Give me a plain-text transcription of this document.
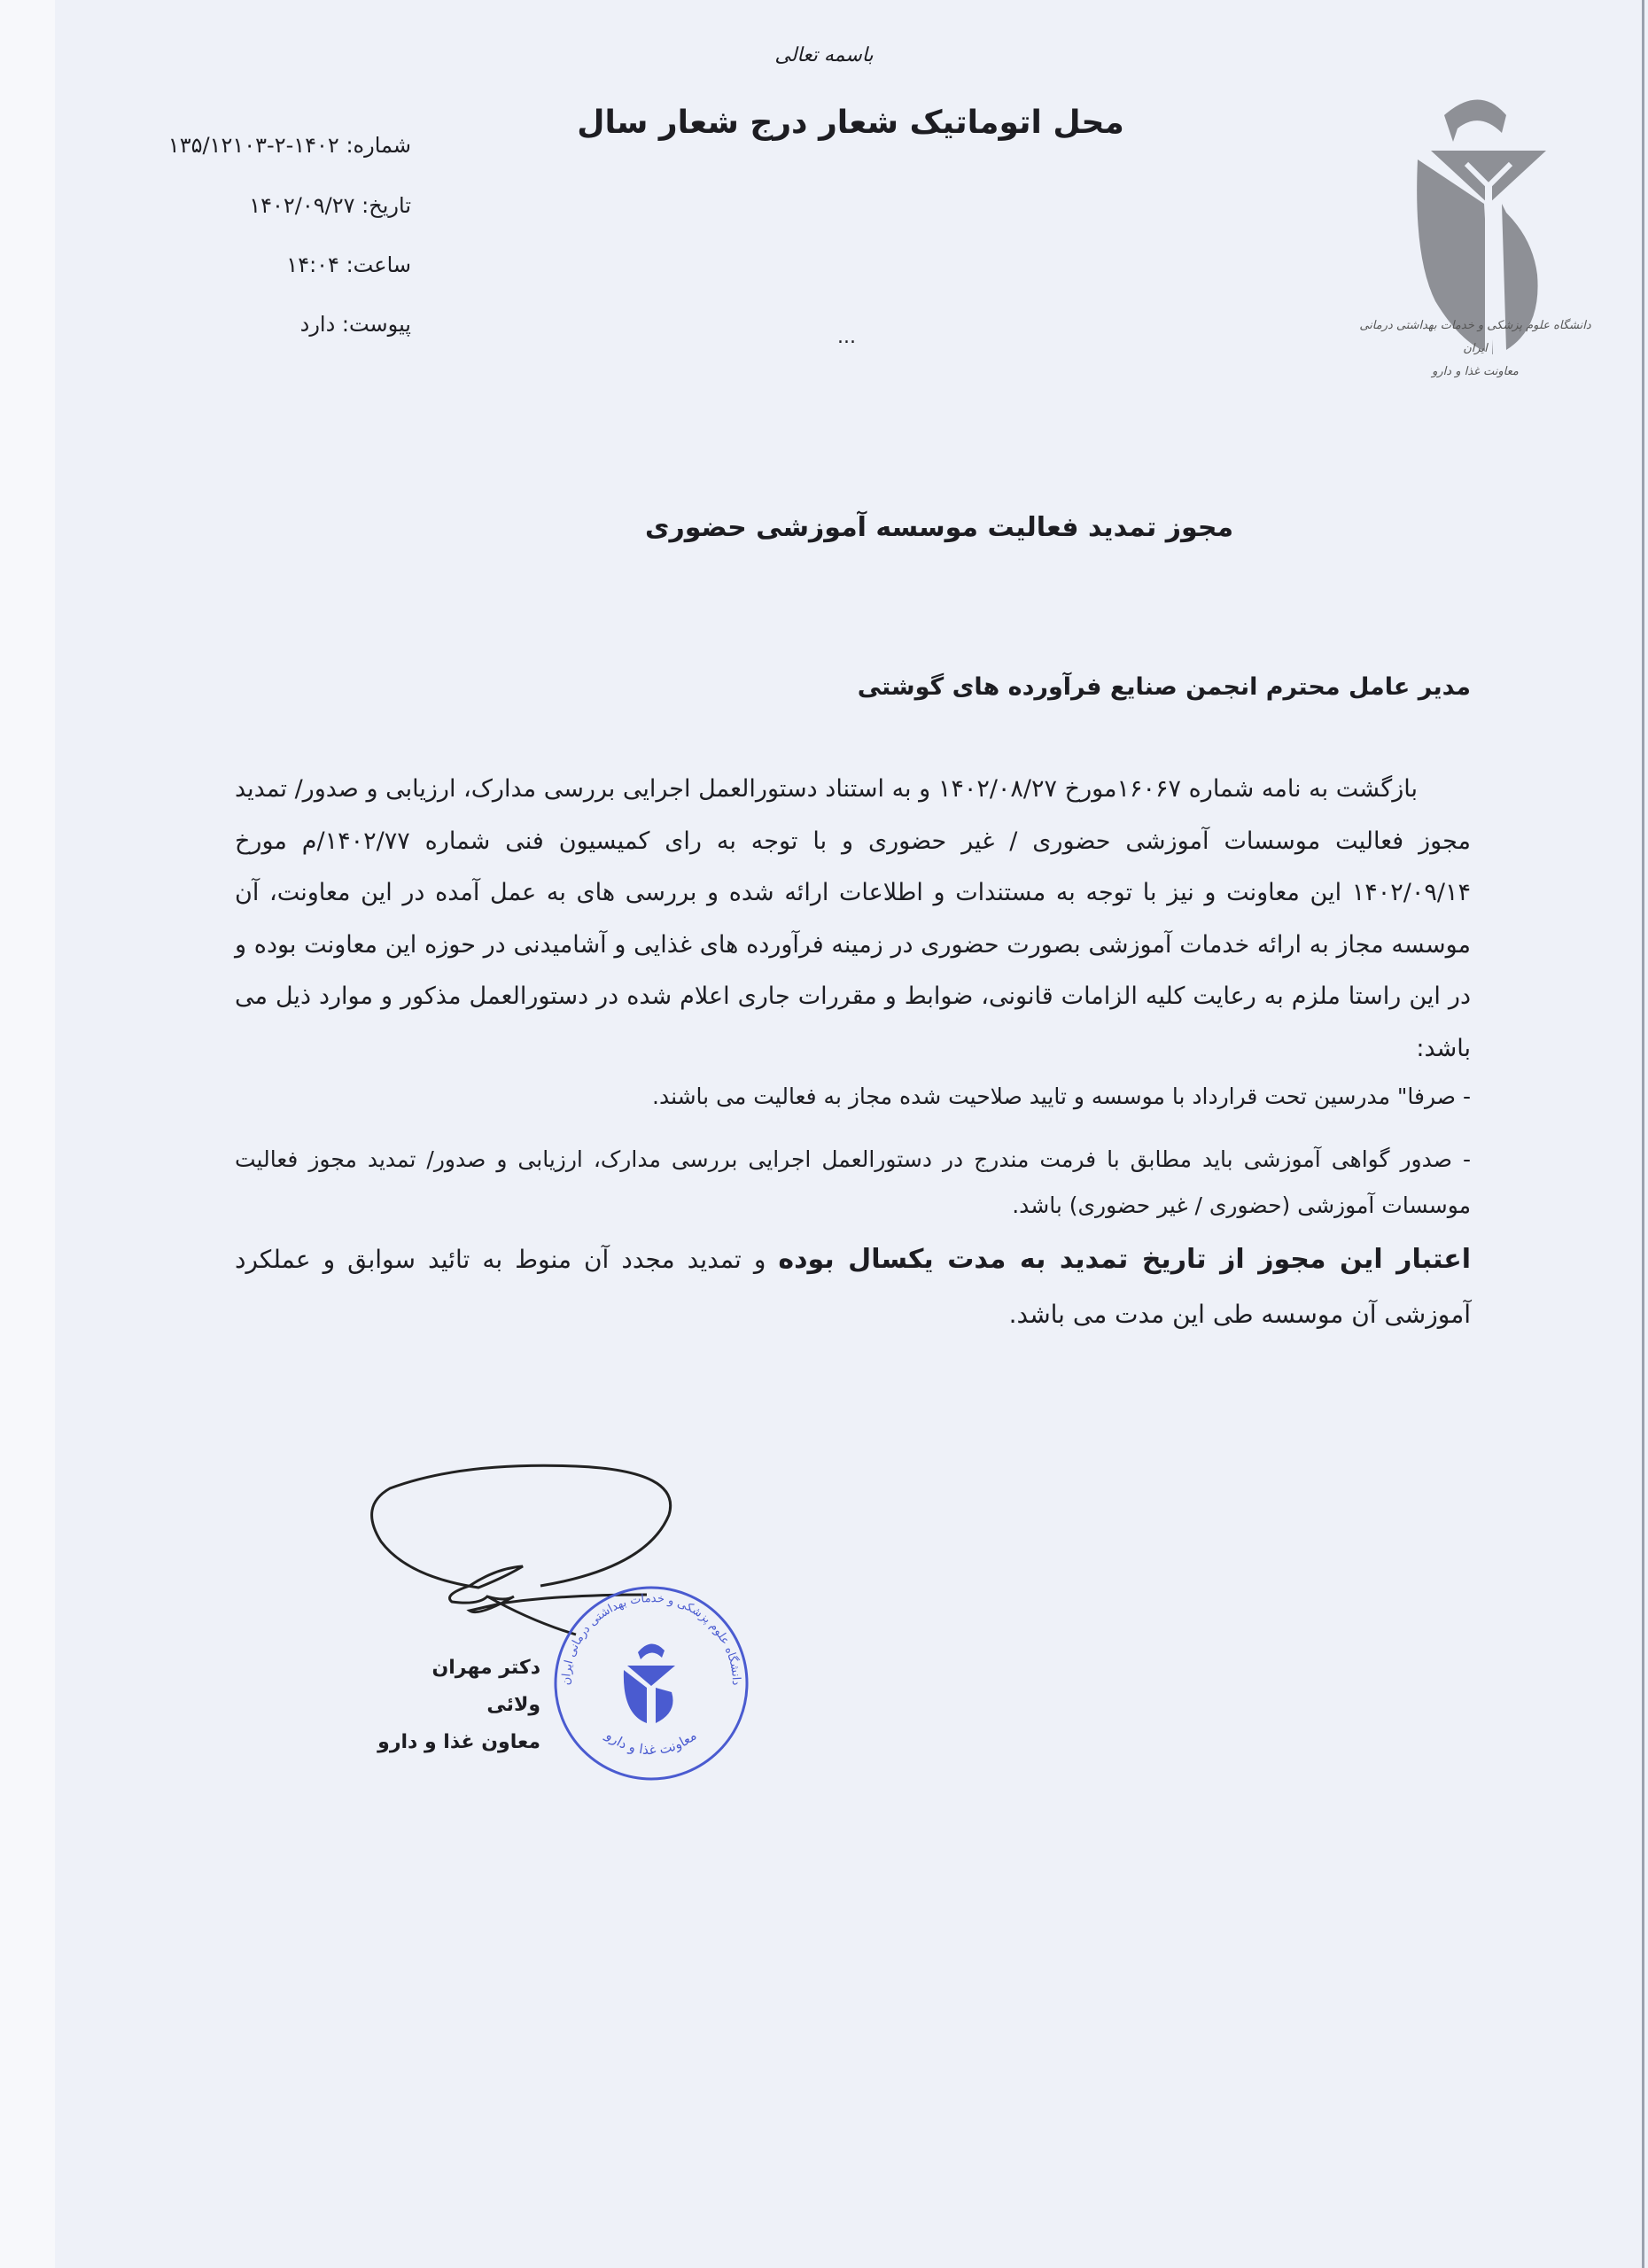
باسمه تعالی
محل اتوماتیک شعار درج شعار سال
شماره: ۱۴۰۲-۲-۱۳۵/۱۲۱۰۳
تاریخ: ۱۴۰۲/۰۹/۲۷
ساعت: ۱۴:۰۴
پیوست: دارد
...
دانشگاه علوم پزشکی و خدمات بهداشتی درمانی ایران
معاونت غذا و دارو
مجوز تمدید فعالیت موسسه آموزشی حضوری
مدیر عامل محترم انجمن صنایع فرآورده های گوشتی
بازگشت به نامه شماره ۱۶۰۶۷مورخ ۱۴۰۲/۰۸/۲۷ و به استناد دستورالعمل اجرایی بررسی مدارک، ارزیابی و صدور/ تمدید مجوز فعالیت موسسات آموزشی حضوری / غیر حضوری و با توجه به رای کمیسیون فنی شماره ۱۴۰۲/۷۷/م مورخ ۱۴۰۲/۰۹/۱۴ این معاونت و نیز با توجه به مستندات و اطلاعات ارائه شده و بررسی های به عمل آمده در این معاونت، آن موسسه مجاز به ارائه خدمات آموزشی بصورت حضوری در زمینه فرآورده های غذایی و آشامیدنی در حوزه این معاونت بوده و در این راستا ملزم به رعایت کلیه الزامات قانونی، ضوابط و مقررات جاری اعلام شده در دستورالعمل مذکور و موارد ذیل می باشد:
- صرفا" مدرسین تحت قرارداد با موسسه و تایید صلاحیت شده مجاز به فعالیت می باشند.
- صدور گواهی آموزشی باید مطابق با فرمت مندرج در دستورالعمل اجرایی بررسی مدارک، ارزیابی و صدور/ تمدید مجوز فعالیت موسسات آموزشی (حضوری / غیر حضوری) باشد.
اعتبار این مجوز از تاریخ تمدید به مدت یکسال بوده و تمدید مجدد آن منوط به تائید سوابق و عملکرد آموزشی آن موسسه طی این مدت می باشد.
دانشگاه علوم پزشکی و خدمات بهداشتی درمانی ایران
معاونت غذا و دارو
دکتر مهران ولائی
معاون غذا و دارو
